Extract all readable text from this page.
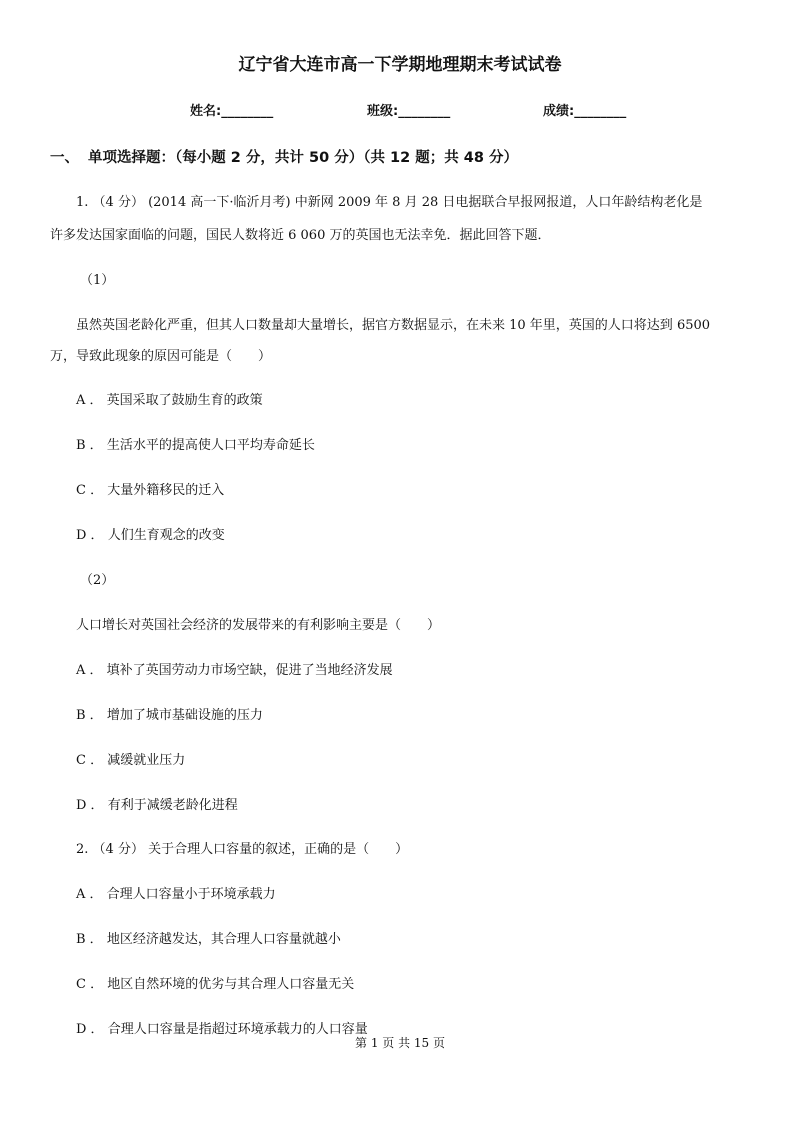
辽宁省大连市高一下学期地理期末考试试卷
姓名:________	班级:________	成绩:________
一、 单项选择题：（每小题 2 分，共计 50 分）（共 12 题；共 48 分）
1. （4 分） (2014 高一下·临沂月考) 中新网 2009 年 8 月 28 日电据联合早报网报道，人口年龄结构老化是
许多发达国家面临的问题，国民人数将近 6 060 万的英国也无法幸免．据此回答下题．
（1）
虽然英国老龄化严重，但其人口数量却大量增长，据官方数据显示，在未来 10 年里，英国的人口将达到 6500
万，导致此现象的原因可能是（　　）
A ． 英国采取了鼓励生育的政策
B ． 生活水平的提高使人口平均寿命延长
C ． 大量外籍移民的迁入
D ． 人们生育观念的改变
（2）
人口增长对英国社会经济的发展带来的有利影响主要是（　　）
A ． 填补了英国劳动力市场空缺，促进了当地经济发展
B ． 增加了城市基础设施的压力
C ． 减缓就业压力
D ． 有利于减缓老龄化进程
2. （4 分） 关于合理人口容量的叙述，正确的是（　　）
A ． 合理人口容量小于环境承载力
B ． 地区经济越发达，其合理人口容量就越小
C ． 地区自然环境的优劣与其合理人口容量无关
D ． 合理人口容量是指超过环境承载力的人口容量
第 1 页 共 15 页
